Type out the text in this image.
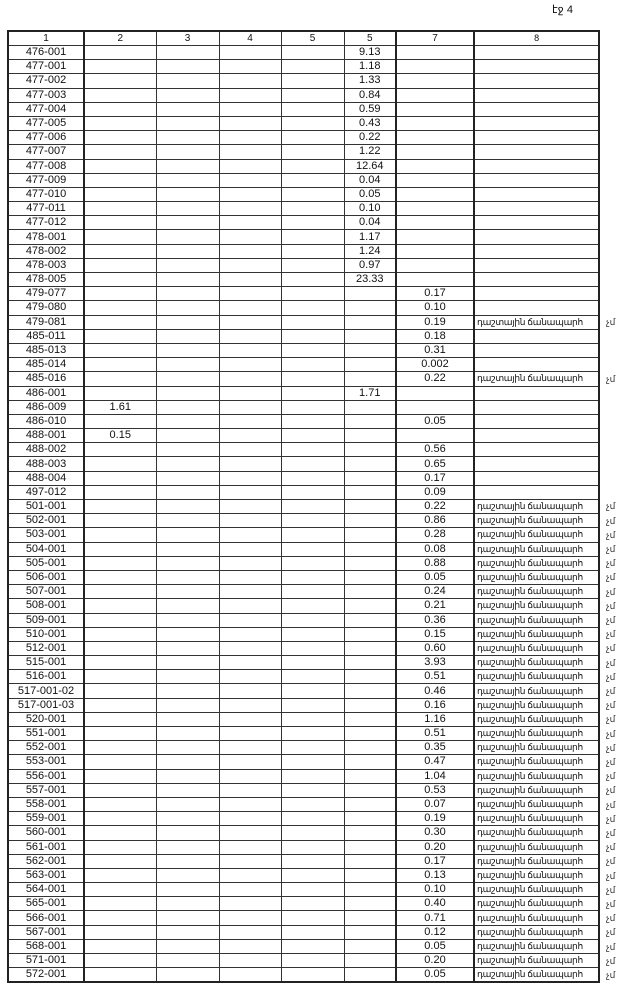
էջ 4
1	2	3	4	5	5	7	8
476-001					9.13		
477-001					1.18		
477-002					1.33		
477-003					0.84		
477-004					0.59		
477-005					0.43		
477-006					0.22		
477-007					1.22		
477-008					12.64		
477-009					0.04		
477-010					0.05		
477-011					0.10		
477-012					0.04		
478-001					1.17		
478-002					1.24		
478-003					0.97		
478-005					23.33		
479-077						0.17	
479-080						0.10	
479-081						0.19	դաշտային ճանապարհ
485-011						0.18	
485-013						0.31	
485-014						0.002	
485-016						0.22	դաշտային ճանապարհ
486-001					1.71		
486-009	1.61						
486-010						0.05	
488-001	0.15						
488-002						0.56	
488-003						0.65	
488-004						0.17	
497-012						0.09	
501-001						0.22	դաշտային ճանապարհ
502-001						0.86	դաշտային ճանապարհ
503-001						0.28	դաշտային ճանապարհ
504-001						0.08	դաշտային ճանապարհ
505-001						0.88	դաշտային ճանապարհ
506-001						0.05	դաշտային ճանապարհ
507-001						0.24	դաշտային ճանապարհ
508-001						0.21	դաշտային ճանապարհ
509-001						0.36	դաշտային ճանապարհ
510-001						0.15	դաշտային ճանապարհ
512-001						0.60	դաշտային ճանապարհ
515-001						3.93	դաշտային ճանապարհ
516-001						0.51	դաշտային ճանապարհ
517-001-02						0.46	դաշտային ճանապարհ
517-001-03						0.16	դաշտային ճանապարհ
520-001						1.16	դաշտային ճանապարհ
551-001						0.51	դաշտային ճանապարհ
552-001						0.35	դաշտային ճանապարհ
553-001						0.47	դաշտային ճանապարհ
556-001						1.04	դաշտային ճանապարհ
557-001						0.53	դաշտային ճանապարհ
558-001						0.07	դաշտային ճանապարհ
559-001						0.19	դաշտային ճանապարհ
560-001						0.30	դաշտային ճանապարհ
561-001						0.20	դաշտային ճանապարհ
562-001						0.17	դաշտային ճանապարհ
563-001						0.13	դաշտային ճանապարհ
564-001						0.10	դաշտային ճանապարհ
565-001						0.40	դաշտային ճանապարհ
566-001						0.71	դաշտային ճանապարհ
567-001						0.12	դաշտային ճանապարհ
568-001						0.05	դաշտային ճանապարհ
571-001						0.20	դաշտային ճանապարհ
572-001						0.05	դաշտային ճանապարհ
չմ
չմ
չմ
չմ
չմ
չմ
չմ
չմ
չմ
չմ
չմ
չմ
չմ
չմ
չմ
չմ
չմ
չմ
չմ
չմ
չմ
չմ
չմ
չմ
չմ
չմ
չմ
չմ
չմ
չմ
չմ
չմ
չմ
չմ
չմ
չմ
